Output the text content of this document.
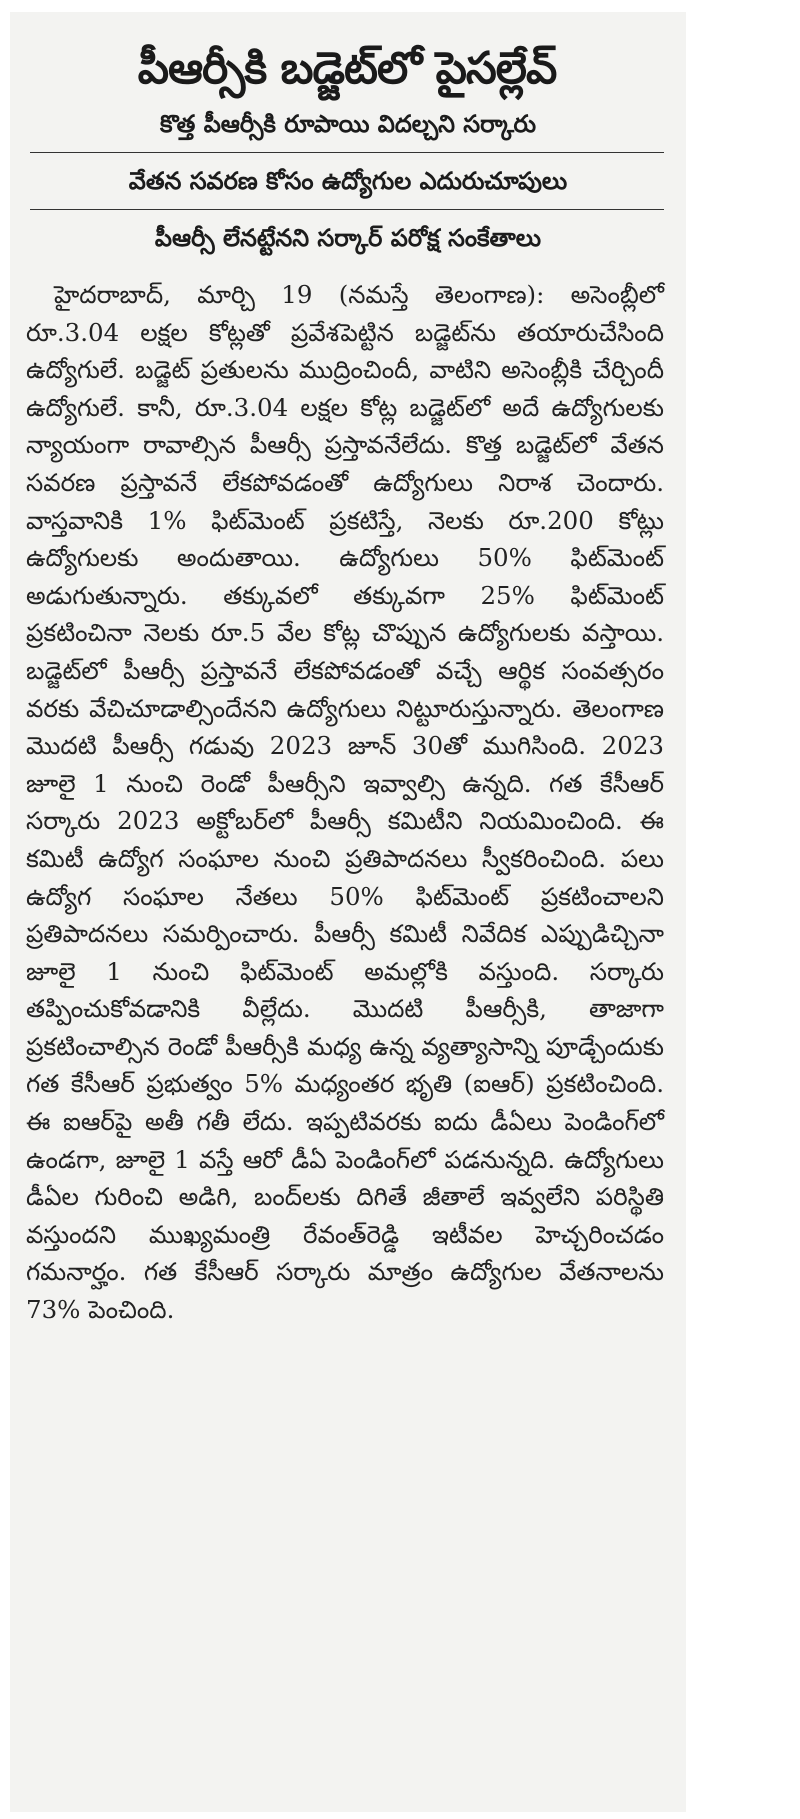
పీఆర్సీకి బడ్జెట్‌లో పైసల్లేవ్
కొత్త పీఆర్సీకి రూపాయి విదల్చని సర్కారు
వేతన సవరణ కోసం ఉద్యోగుల ఎదురుచూపులు
పీఆర్సీ లేనట్టేనని సర్కార్ పరోక్ష సంకేతాలు
హైదరాబాద్, మార్చి 19 (నమస్తే తెలంగాణ): అసెంబ్లీలో రూ.3.04 లక్షల కోట్లతో ప్రవేశపెట్టిన బడ్జెట్‌ను తయారుచేసింది ఉద్యోగులే. బడ్జెట్ ప్రతులను ముద్రించిందీ, వాటిని అసెంబ్లీకి చేర్చిందీ ఉద్యోగులే. కానీ, రూ.3.04 లక్షల కోట్ల బడ్జెట్‌లో అదే ఉద్యోగులకు న్యాయంగా రావాల్సిన పీఆర్సీ ప్రస్తావనేలేదు. కొత్త బడ్జెట్‌లో వేతన సవరణ ప్రస్తావనే లేకపోవడంతో ఉద్యోగులు నిరాశ చెందారు. వాస్తవానికి 1% ఫిట్‌మెంట్ ప్రకటిస్తే, నెలకు రూ.200 కోట్లు ఉద్యోగులకు అందుతాయి. ఉద్యోగులు 50% ఫిట్‌మెంట్ అడుగుతున్నారు. తక్కువలో తక్కువగా 25% ఫిట్‌మెంట్ ప్రకటించినా నెలకు రూ.5 వేల కోట్ల చొప్పున ఉద్యోగులకు వస్తాయి. బడ్జెట్‌లో పీఆర్సీ ప్రస్తావనే లేకపోవడంతో వచ్చే ఆర్థిక సంవత్సరం వరకు వేచిచూడాల్సిందేనని ఉద్యోగులు నిట్టూరుస్తున్నారు. తెలంగాణ మొదటి పీఆర్సీ గడువు 2023 జూన్ 30తో ముగిసింది. 2023 జూలై 1 నుంచి రెండో పీఆర్సీని ఇవ్వాల్సి ఉన్నది. గత కేసీఆర్ సర్కారు 2023 అక్టోబర్‌లో పీఆర్సీ కమిటీని నియమించింది. ఈ కమిటీ ఉద్యోగ సంఘాల నుంచి ప్రతిపాదనలు స్వీకరించింది. పలు ఉద్యోగ సంఘాల నేతలు 50% ఫిట్‌మెంట్ ప్రకటించాలని ప్రతిపాదనలు సమర్పించారు. పీఆర్సీ కమిటీ నివేదిక ఎప్పుడిచ్చినా జూలై 1 నుంచి ఫిట్‌మెంట్ అమల్లోకి వస్తుంది. సర్కారు తప్పించుకోవడానికి వీల్లేదు. మొదటి పీఆర్సీకి, తాజాగా ప్రకటించాల్సిన రెండో పీఆర్సీకి మధ్య ఉన్న వ్యత్యాసాన్ని పూడ్చేందుకు గత కేసీఆర్ ప్రభుత్వం 5% మధ్యంతర భృతి (ఐఆర్) ప్రకటించింది. ఈ ఐఆర్‌పై అతీ గతీ లేదు. ఇప్పటివరకు ఐదు డీఏలు పెండింగ్‌లో ఉండగా, జూలై 1 వస్తే ఆరో డీఏ పెండింగ్‌లో పడనున్నది. ఉద్యోగులు డీఏల గురించి అడిగి, బంద్‌లకు దిగితే జీతాలే ఇవ్వలేని పరిస్థితి వస్తుందని ముఖ్యమంత్రి రేవంత్‌రెడ్డి ఇటీవల హెచ్చరించడం గమనార్హం. గత కేసీఆర్ సర్కారు మాత్రం ఉద్యోగుల వేతనాలను 73% పెంచింది.
